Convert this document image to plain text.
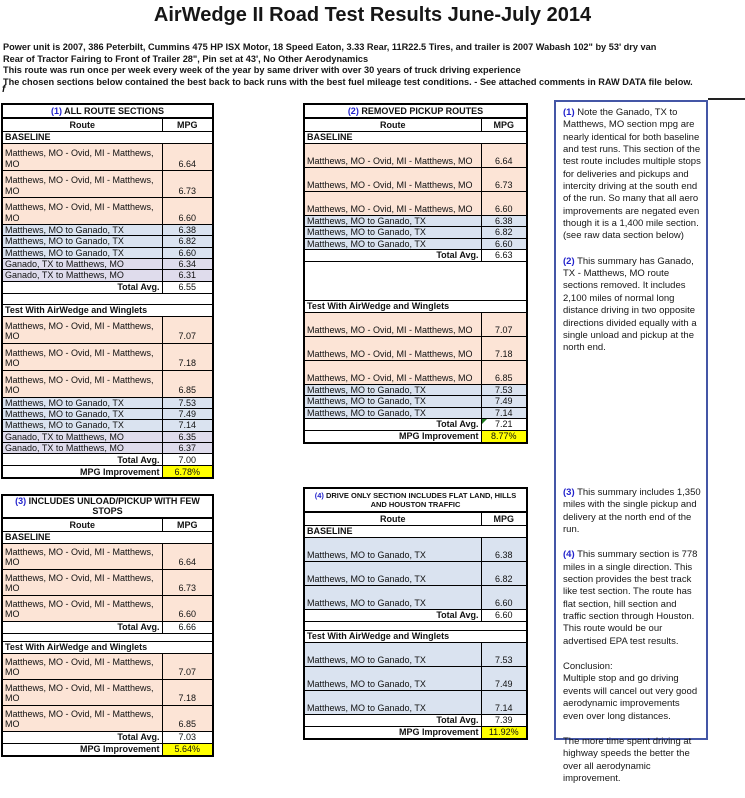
AirWedge II Road Test Results June-July 2014
Power unit is 2007, 386 Peterbilt, Cummins 475 HP ISX Motor, 18 Speed Eaton, 3.33 Rear, 11R22.5 Tires, and trailer is 2007 Wabash 102" by 53' dry van
Rear of Tractor Fairing to Front of Trailer 28", Pin set at 43', No Other Aerodynamics
This route was run once per week every week of the year by same driver with over 30 years of truck driving experience
The chosen sections below contained the best back to back runs with the best fuel mileage test conditions. - See attached comments in RAW DATA file below.
f
(1) ALL ROUTE SECTIONS	
Route	MPG
BASELINE	
Matthews, MO - Ovid, MI - Matthews, MO	6.64
Matthews, MO - Ovid, MI - Matthews, MO	6.73
Matthews, MO - Ovid, MI - Matthews, MO	6.60
Matthews, MO to Ganado, TX	6.38
Matthews, MO to Ganado, TX	6.82
Matthews, MO to Ganado, TX	6.60
Ganado, TX to Matthews, MO	6.34
Ganado, TX to Matthews, MO	6.31
Total Avg.	6.55

Test With AirWedge and Winglets	
Matthews, MO - Ovid, MI - Matthews, MO	7.07
Matthews, MO - Ovid, MI - Matthews, MO	7.18
Matthews, MO - Ovid, MI - Matthews, MO	6.85
Matthews, MO to Ganado, TX	7.53
Matthews, MO to Ganado, TX	7.49
Matthews, MO to Ganado, TX	7.14
Ganado, TX to Matthews, MO	6.35
Ganado, TX to Matthews, MO	6.37
Total Avg.	7.00
MPG Improvement	6.78%
(2) REMOVED PICKUP ROUTES	
Route	MPG
BASELINE	
Matthews, MO - Ovid, MI - Matthews, MO	6.64
Matthews, MO - Ovid, MI - Matthews, MO	6.73
Matthews, MO - Ovid, MI - Matthews, MO	6.60
Matthews, MO to Ganado, TX	6.38
Matthews, MO to Ganado, TX	6.82
Matthews, MO to Ganado, TX	6.60
Total Avg.	6.63

Test With AirWedge and Winglets	
Matthews, MO - Ovid, MI - Matthews, MO	7.07
Matthews, MO - Ovid, MI - Matthews, MO	7.18
Matthews, MO - Ovid, MI - Matthews, MO	6.85
Matthews, MO to Ganado, TX	7.53
Matthews, MO to Ganado, TX	7.49
Matthews, MO to Ganado, TX	7.14
Total Avg.	7.21

MPG Improvement	8.77%
(3) INCLUDES UNLOAD/PICKUP WITH FEW STOPS	
Route	MPG
BASELINE	
Matthews, MO - Ovid, MI - Matthews, MO	6.64
Matthews, MO - Ovid, MI - Matthews, MO	6.73
Matthews, MO - Ovid, MI - Matthews, MO	6.60
Total Avg.	6.66

Test With AirWedge and Winglets	
Matthews, MO - Ovid, MI - Matthews, MO	7.07
Matthews, MO - Ovid, MI - Matthews, MO	7.18
Matthews, MO - Ovid, MI - Matthews, MO	6.85
Total Avg.	7.03
MPG Improvement	5.64%
(4) DRIVE ONLY SECTION INCLUDES FLAT LAND, HILLS AND HOUSTON TRAFFIC	
Route	MPG
BASELINE	
Matthews, MO to Ganado, TX	6.38
Matthews, MO to Ganado, TX	6.82
Matthews, MO to Ganado, TX	6.60
Total Avg.	6.60

Test With AirWedge and Winglets	
Matthews, MO to Ganado, TX	7.53
Matthews, MO to Ganado, TX	7.49
Matthews, MO to Ganado, TX	7.14
Total Avg.	7.39
MPG Improvement	11.92%

(1) Note the Ganado, TX to Matthews, MO section mpg are nearly identical for both baseline and test runs. This section of the test route includes multiple stops for deliveries and pickups and intercity driving at the south end of the run. So many that all aero improvements are negated even though it is a 1,400 mile section. (see raw data section below)

(2) This summary has Ganado, TX - Matthews, MO route sections removed. It includes 2,100 miles of normal long distance driving in two opposite directions divided equally with a single unload and pickup at the north end.

(3) This summary includes 1,350 miles with the single pickup and delivery at the north end of the run.

(4) This summary section is 778 miles in a single direction. This section provides the best track like test section. The route has flat section, hill section and traffic section through Houston. This route would be our advertised EPA test results.

Conclusion:

Multiple stop and go driving events will cancel out very good aerodynamic improvements even over long distances.

The more time spent driving at highway speeds the better the over all aerodynamic improvement.
